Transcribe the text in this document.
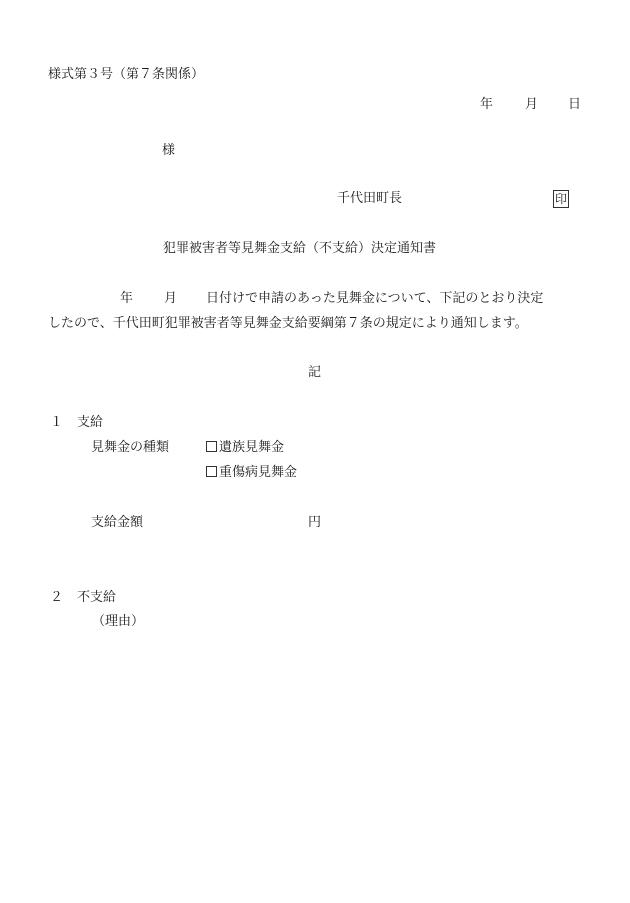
様式第３号（第７条関係）
年 月 日
様
千代田町長	印
犯罪被害者等見舞金支給（不支給）決定通知書
年 月 日付けで申請のあった見舞金について、下記のとおり決定
したので、千代田町犯罪被害者等見舞金支給要綱第７条の規定により通知します。
記
１ 支給
見舞金の種類	遺族見舞金
重傷病見舞金
支給金額	円
２ 不支給
（理由）
